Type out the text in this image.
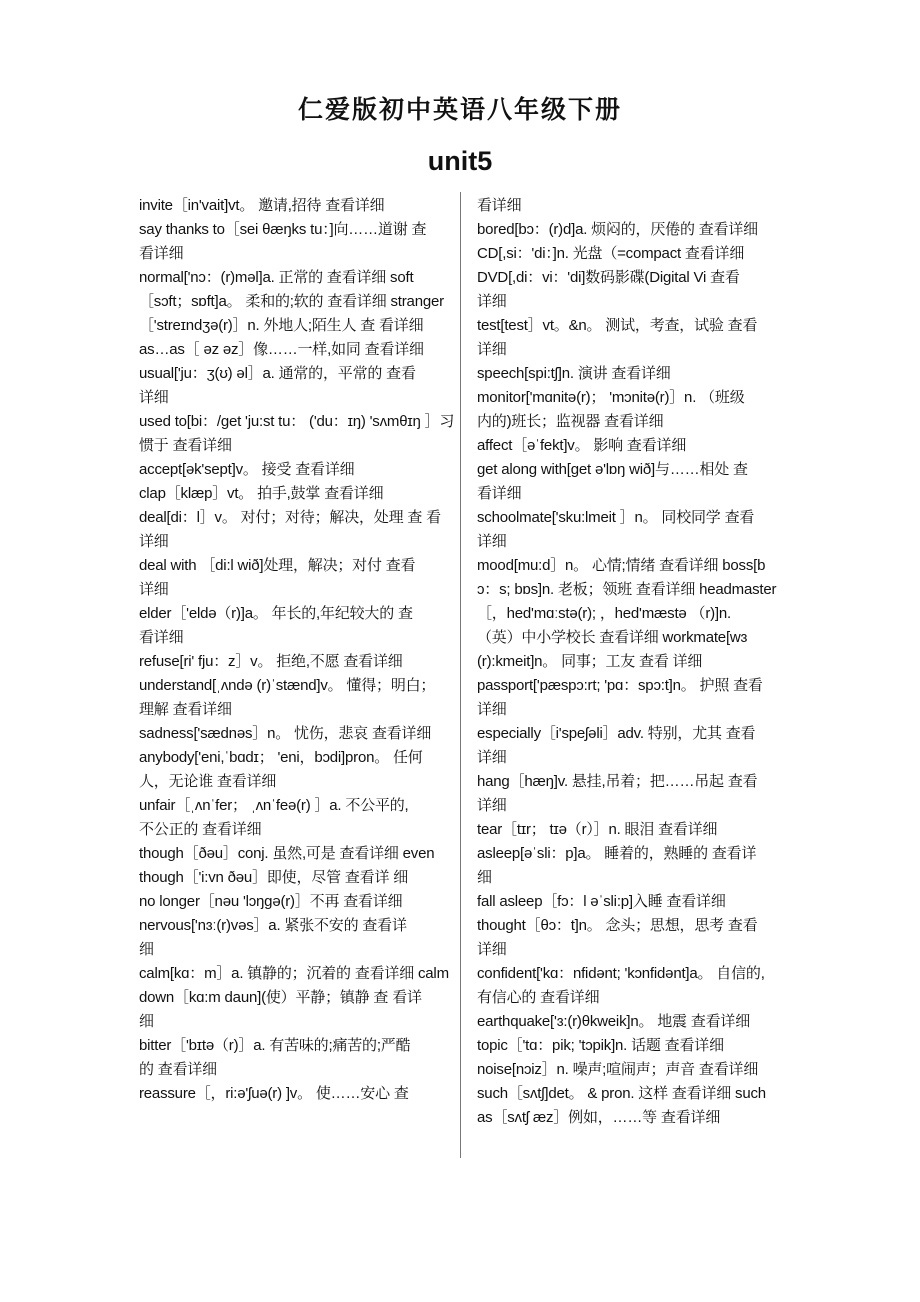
仁爱版初中英语八年级下册
unit5
invite［in'vait]vt。 邀请,招待 查看详细
say thanks to［sei θæŋks tu：]向……道谢 查
看详细
normal['nɔ：(r)məl]a. 正常的 查看详细 soft
［sɔft；sɒft]a。 柔和的;软的 查看详细 stranger
［'streɪndʒə(r)］n. 外地人;陌生人 查 看详细
as…as［ əz əz］像……一样,如同 查看详细
usual['ju：ʒ(ʊ) əl］a. 通常的，平常的 查看
详细
used to[bi：/get 'ju:st tu： ('du：ɪŋ) 'sʌmθɪŋ ］习
惯于 查看详细
accept[ək'sept]v。 接受 查看详细
clap［klæp］vt。 拍手,鼓掌 查看详细
deal[di：l］v。 对付；对待；解决，处理 查 看
详细
deal with ［di:l wið]处理，解决；对付 查看
详细
elder［'eldə（r)]a。 年长的,年纪较大的 查
看详细
refuse[ri' fju：z］v。 拒绝,不愿 查看详细
understand[ˌʌndə (r)ˈstænd]v。 懂得；明白；
理解 查看详细
sadness['sædnəs］n。 忧伤，悲哀 查看详细
anybody['eni,ˈbɑdɪ； 'eni，bɔdi]pron。 任何
人，无论谁 查看详细
unfair［ˌʌnˈfer； ˌʌnˈfeə(r) ］a. 不公平的,
不公正的 查看详细
though［ðəu］conj. 虽然,可是 查看详细 even
though［'i:vn ðəu］即使，尽管 查看详 细
no longer［nəu 'lɔŋgə(r)］不再 查看详细
nervous['nɜː(r)vəs］a. 紧张不安的 查看详
细
calm[kɑ：m］a. 镇静的；沉着的 查看详细 calm
down［kɑ:m daun](使）平静；镇静 查 看详
细
bitter［'bɪtə（r)］a. 有苦味的;痛苦的;严酷
的 查看详细
reassure［，ri:ə'ʃuə(r) ]v。 使……安心 查
看详细
bored[bɔ：(r)d]a. 烦闷的，厌倦的 查看详细
CD[,si：'di：]n. 光盘（=compact 查看详细
DVD[,di：vi：'di]数码影碟(Digital Vi 查看
详细
test[test］vt。&n。 测试，考查，试验 查看
详细
speech[spi:tʃ]n. 演讲 查看详细
monitor['mɑnitə(r)； 'mɔnitə(r)］n. （班级
内的)班长；监视器 查看详细
affect［əˈfekt]v。 影响 查看详细
get along with[get ə'lɒŋ wið]与……相处 查
看详细
schoolmate['sku:lmeit ］n。 同校同学 查看
详细
mood[mu:d］n。 心情;情绪 查看详细 boss[b
ɔ：s; bɒs]n. 老板；领班 查看详细 headmaster
［，hed'mɑːstə(r); ，hed'mæstə （r)]n.
（英）中小学校长 查看详细 workmate[wɜ
(r):kmeit]n。 同事；工友 查看 详细
passport['pæspɔ:rt; 'pɑ：spɔ:t]n。 护照 查看
详细
especially［i'speʃəli］adv. 特别，尤其 查看
详细
hang［hæŋ]v. 悬挂,吊着；把……吊起 查看
详细
tear［tɪr； tɪə（r）］n. 眼泪 查看详细
asleep[əˈsli：p]a。 睡着的，熟睡的 查看详
细
fall asleep［fɔ：l əˈsli:p]入睡 查看详细
thought［θɔ：t]n。 念头；思想，思考 查看
详细
confident['kɑ：nfidənt; 'kɔnfidənt]a。 自信的,
有信心的 查看详细
earthquake['ɜ:(r)θkweik]n。 地震 查看详细
topic［'tɑ：pik; 'tɔpik]n. 话题 查看详细
noise[nɔiz］n. 噪声;喧闹声；声音 查看详细
such［sʌtʃ]det。 & pron. 这样 查看详细 such
as［sʌtʃ æz］例如，……等 查看详细
